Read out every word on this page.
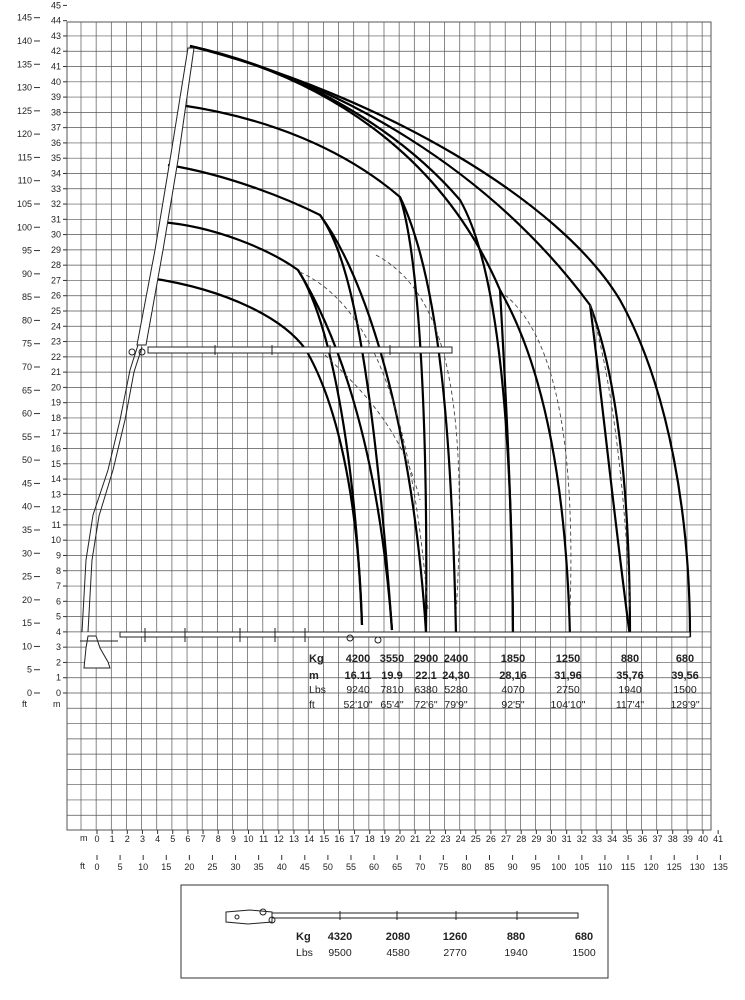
0
1
2
3
4
5
6
7
8
9
10
11
12
13
14
15
16
17
18
19
20
21
22
23
24
25
26
27
28
29
30
31
32
33
34
35
36
37
38
39
40
41
42
43
44
45
0
5
10
15
20
25
30
35
40
45
50
55
60
65
70
75
80
85
90
95
100
105
110
115
120
125
130
135
140
145
0 1 2 3 4 5 6 7 8 9 10 11 12 13 14 15 16 17 18 19 20 21 22 23 24 25 26 27 28 29 30 31 32 33 34 35 36 37 38 39 40 41
0 5 10 15 20 25 30 35 40 45 50 55 60 65 70 75 80 85 90 95 100 105 110 115 120 125 130 135
ft	m
m
ft
Kg
m
Lbs
ft
4200
16.11
9240
52'10"
3550
19.9
7810
65'4"
2900
22.1
6380
72'6"
2400
24,30
5280
79'9"
1850
28,16
4070
92'5"
1250
31,96
2750
104'10"
880
35,76
1940
117'4"
680
39,56
1500
129'9"
Kg
Lbs
4320
9500
2080
4580
1260
2770
880
1940
680
1500
